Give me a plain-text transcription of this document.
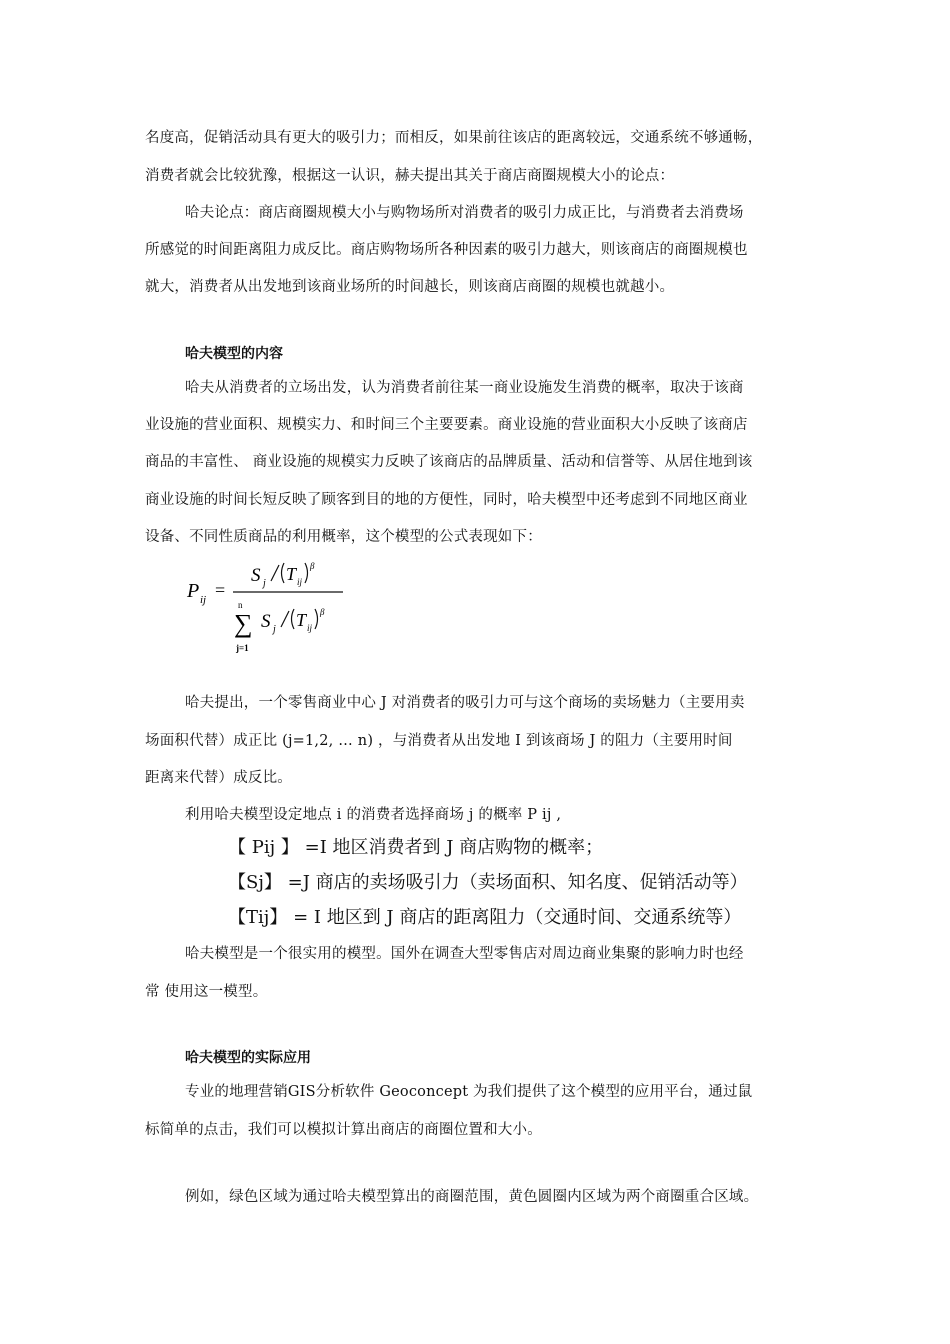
名度高，促销活动具有更大的吸引力；而相反，如果前往该店的距离较远，交通系统不够通畅，
消费者就会比较犹豫，根据这一认识，赫夫提出其关于商店商圈规模大小的论点：
哈夫论点：商店商圈规模大小与购物场所对消费者的吸引力成正比，与消费者去消费场
所感觉的时间距离阻力成反比。商店购物场所各种因素的吸引力越大，则该商店的商圈规模也
就大，消费者从出发地到该商业场所的时间越长，则该商店商圈的规模也就越小。
哈夫模型的内容
哈夫从消费者的立场出发，认为消费者前往某一商业设施发生消费的概率，取决于该商
业设施的营业面积、规模实力、和时间三个主要要素。商业设施的营业面积大小反映了该商店
商品的丰富性、 商业设施的规模实力反映了该商店的品牌质量、活动和信誉等、从居住地到该
商业设施的时间长短反映了顾客到目的地的方便性，同时，哈夫模型中还考虑到不同地区商业
设备、不同性质商品的利用概率，这个模型的公式表现如下：
P ij =
S j T ij
β
n
∑
j=1
S j T ij
β
哈夫提出，一个零售商业中心 J 对消费者的吸引力可与这个商场的卖场魅力（主要用卖
场面积代替）成正比 (j=1,2, … n) ，与消费者从出发地 I 到该商场 J 的阻力（主要用时间
距离来代替）成反比。
利用哈夫模型设定地点 i 的消费者选择商场 j 的概率 P ij ,
【 Pij 】 =I 地区消费者到 J 商店购物的概率；
【Sj】 =J 商店的卖场吸引力（卖场面积、知名度、促销活动等）
【Tij】 = I 地区到 J 商店的距离阻力（交通时间、交通系统等）
哈夫模型是一个很实用的模型。国外在调查大型零售店对周边商业集聚的影响力时也经
常 使用这一模型。
哈夫模型的实际应用
专业的地理营销GIS分析软件 Geoconcept 为我们提供了这个模型的应用平台，通过鼠
标简单的点击，我们可以模拟计算出商店的商圈位置和大小。
例如，绿色区域为通过哈夫模型算出的商圈范围，黄色圆圈内区域为两个商圈重合区域。
